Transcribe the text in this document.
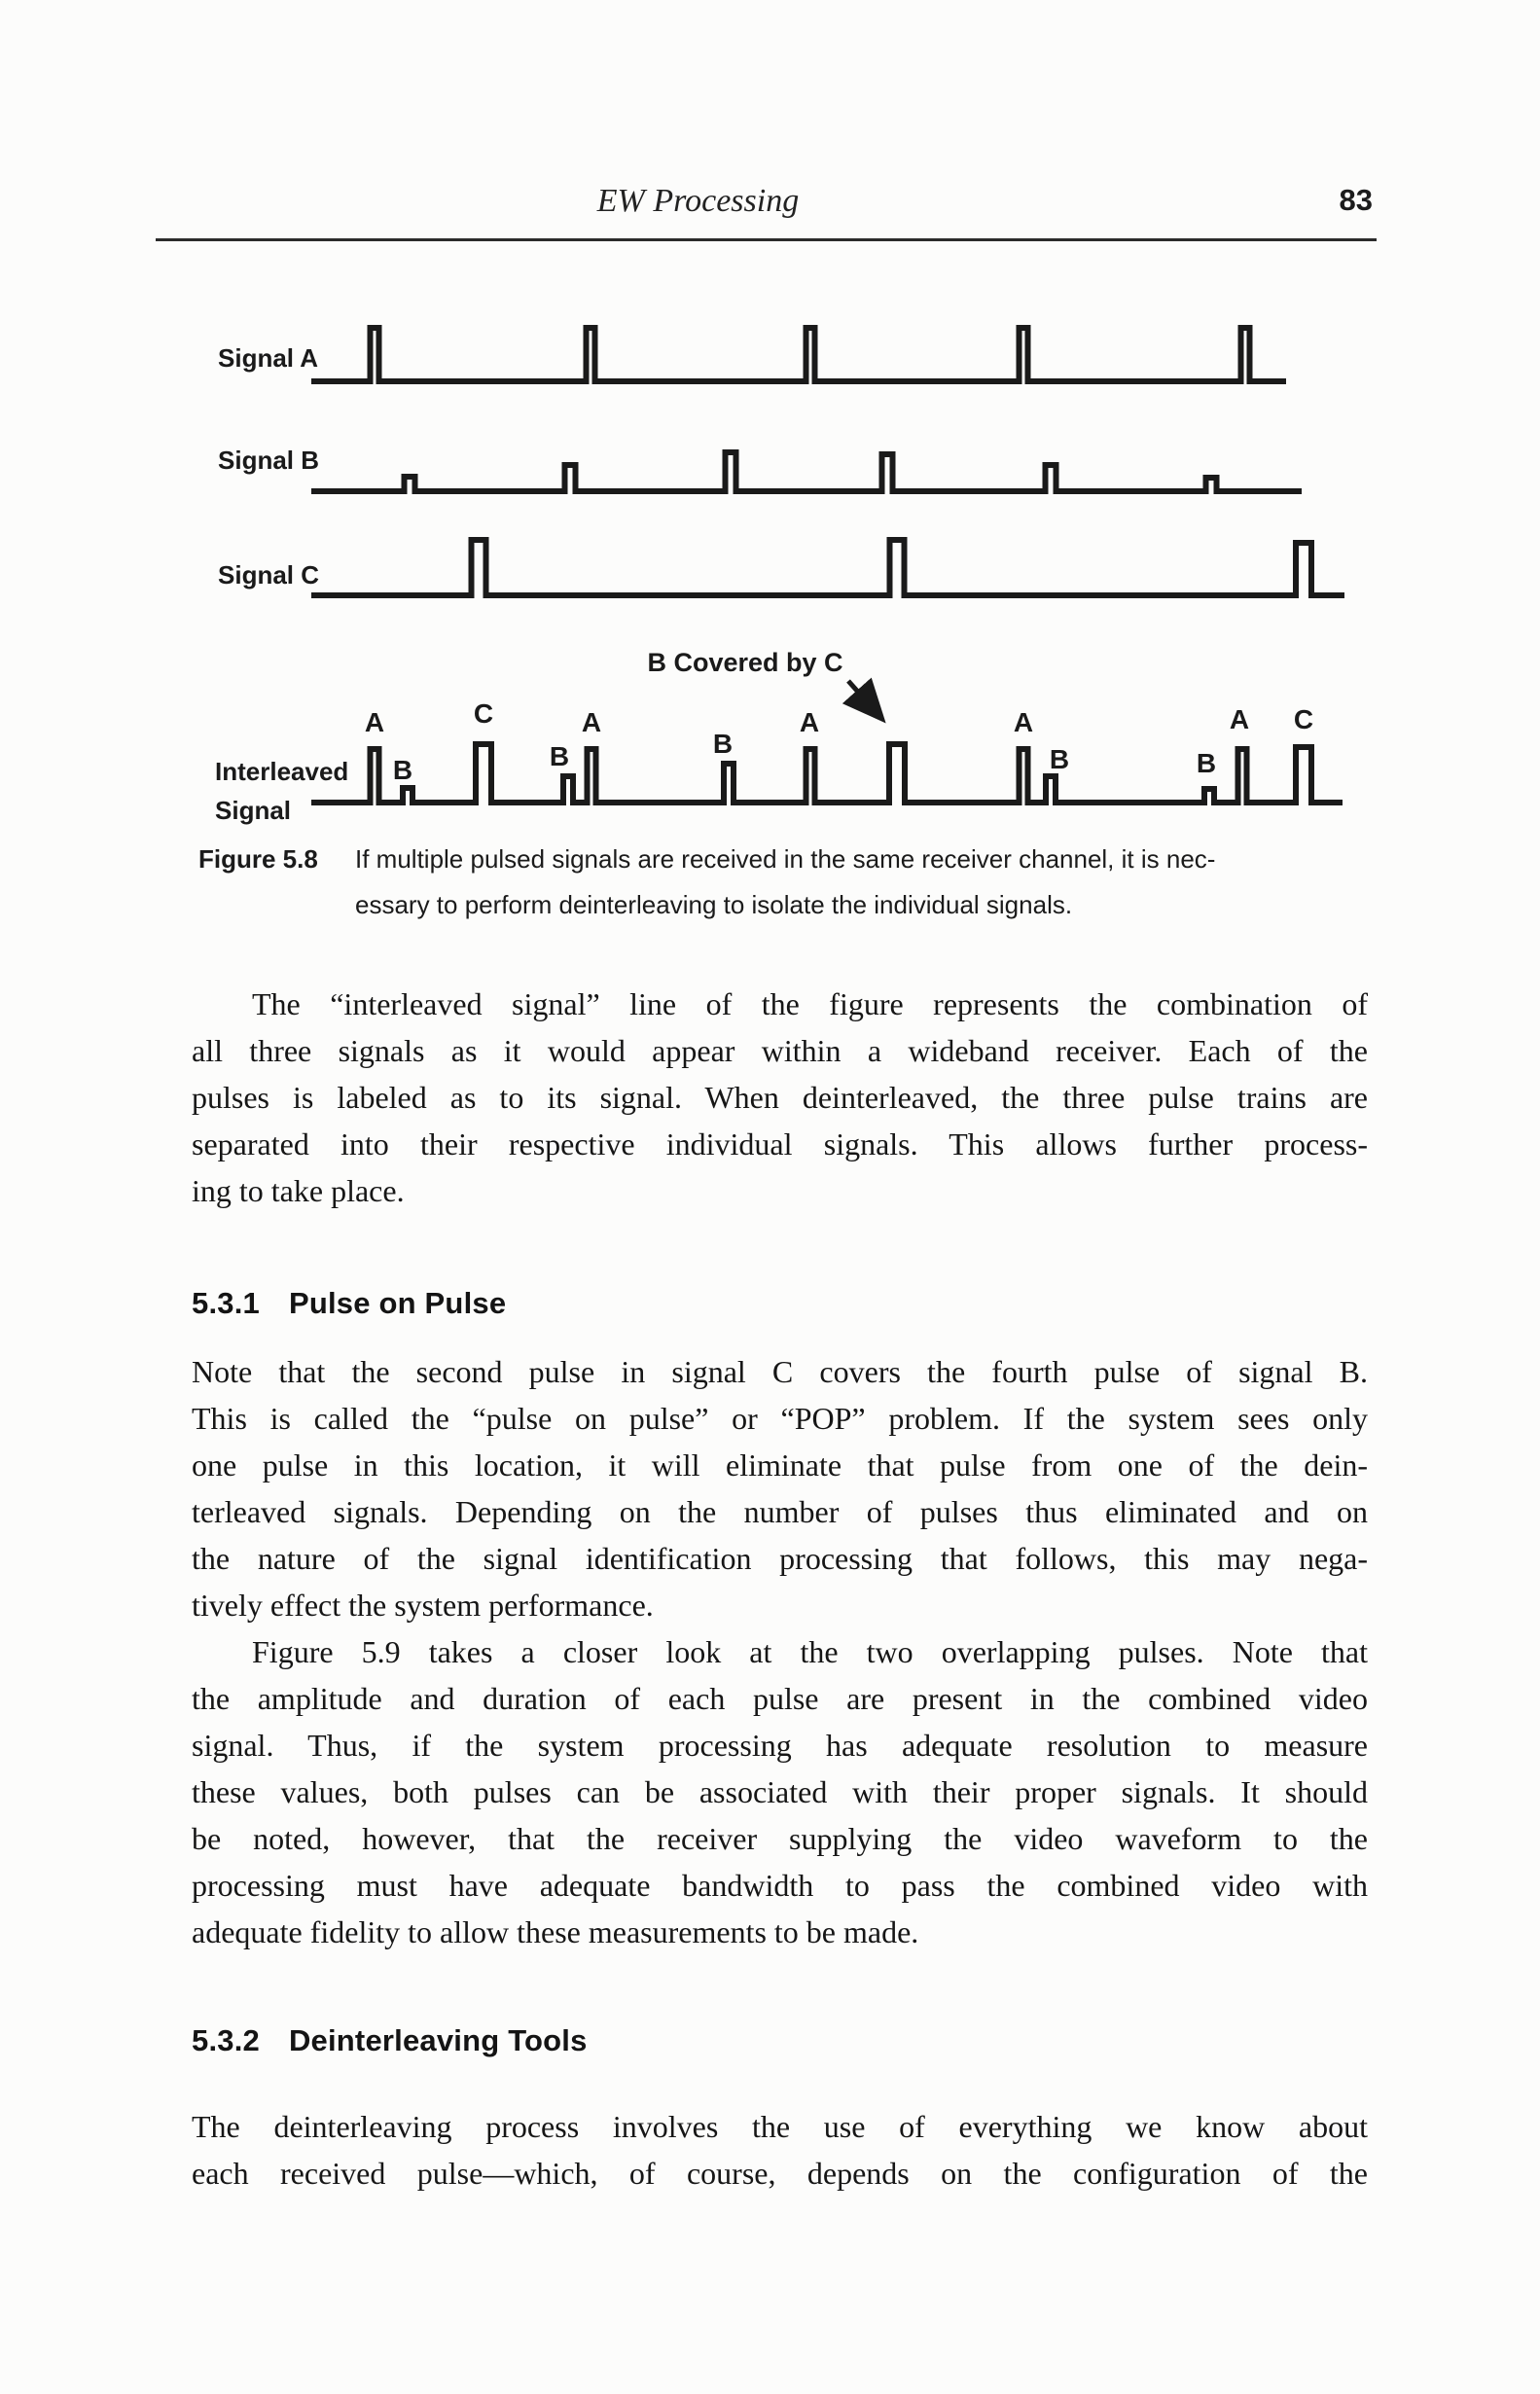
EW Processing	83
Signal A
Signal B
Signal C
Interleaved
Signal
A
B
C
B
A
B
A	A
B	B
A C
B Covered by C
Figure 5.8	If multiple pulsed signals are received in the same receiver channel, it is nec-
essary to perform deinterleaving to isolate the individual signals.
The “interleaved signal” line of the figure represents the combination of
all three signals as it would appear within a wideband receiver. Each of the
pulses is labeled as to its signal. When deinterleaved, the three pulse trains are
separated into their respective individual signals. This allows further process-
ing to take place.
5.3.1 Pulse on Pulse
Note that the second pulse in signal C covers the fourth pulse of signal B.
This is called the “pulse on pulse” or “POP” problem. If the system sees only
one pulse in this location, it will eliminate that pulse from one of the dein-
terleaved signals. Depending on the number of pulses thus eliminated and on
the nature of the signal identification processing that follows, this may nega-
tively effect the system performance.
Figure 5.9 takes a closer look at the two overlapping pulses. Note that
the amplitude and duration of each pulse are present in the combined video
signal. Thus, if the system processing has adequate resolution to measure
these values, both pulses can be associated with their proper signals. It should
be noted, however, that the receiver supplying the video waveform to the
processing must have adequate bandwidth to pass the combined video with
adequate fidelity to allow these measurements to be made.
5.3.2 Deinterleaving Tools
The deinterleaving process involves the use of everything we know about
each received pulse—which, of course, depends on the configuration of the
